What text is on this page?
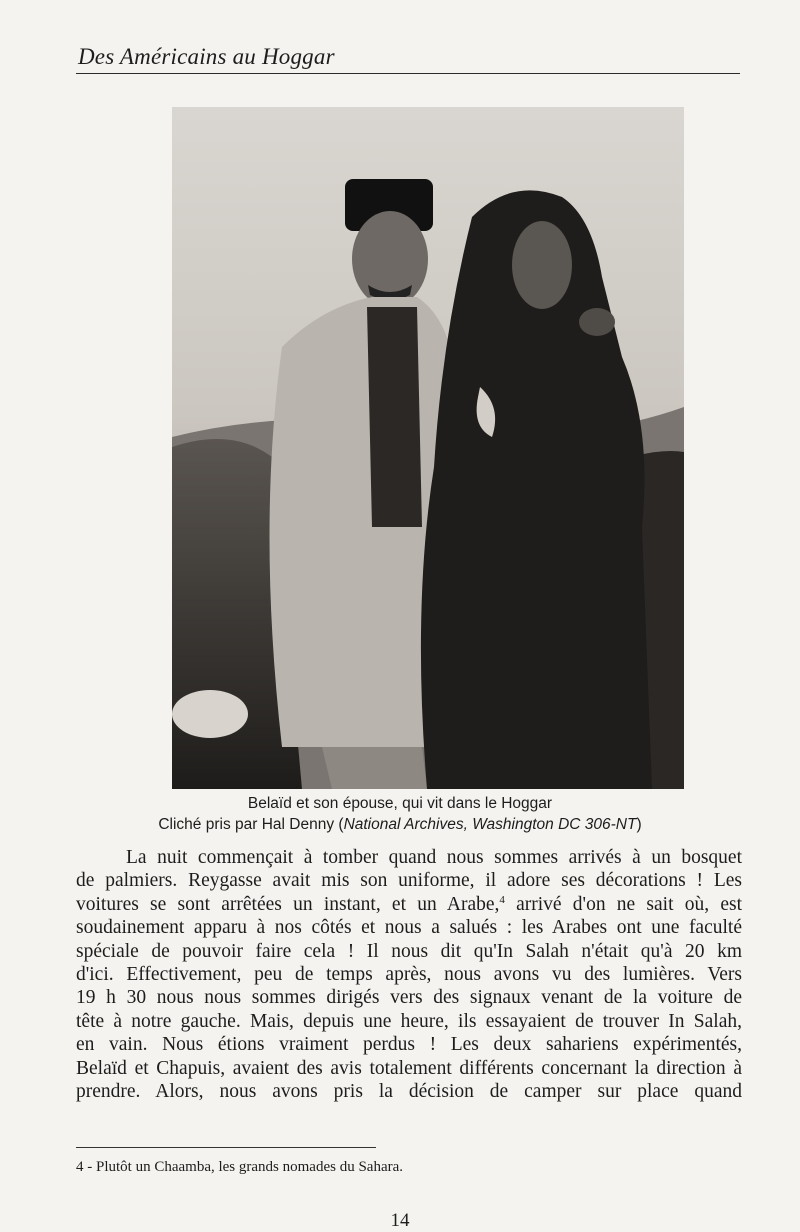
Des Américains au Hoggar
Belaïd et son épouse, qui vit dans le Hoggar
Cliché pris par Hal Denny (National Archives, Washington DC 306-NT)
La nuit commençait à tomber quand nous sommes arrivés à un bosquet
de palmiers. Reygasse avait mis son uniforme, il adore ses décorations ! Les
voitures se sont arrêtées un instant, et un Arabe,$^4$ arrivé d'on ne sait où, est
soudainement apparu à nos côtés et nous a salués : les Arabes ont une faculté
spéciale de pouvoir faire cela ! Il nous dit qu'In Salah n'était qu'à 20 km
d'ici. Effectivement, peu de temps après, nous avons vu des lumières. Vers
19 h 30 nous nous sommes dirigés vers des signaux venant de la voiture de
tête à notre gauche. Mais, depuis une heure, ils essayaient de trouver In Salah,
en vain. Nous étions vraiment perdus ! Les deux sahariens expérimentés,
Belaïd et Chapuis, avaient des avis totalement différents concernant la direction à
prendre. Alors, nous avons pris la décision de camper sur place quand
4 - Plutôt un Chaamba, les grands nomades du Sahara.
14
